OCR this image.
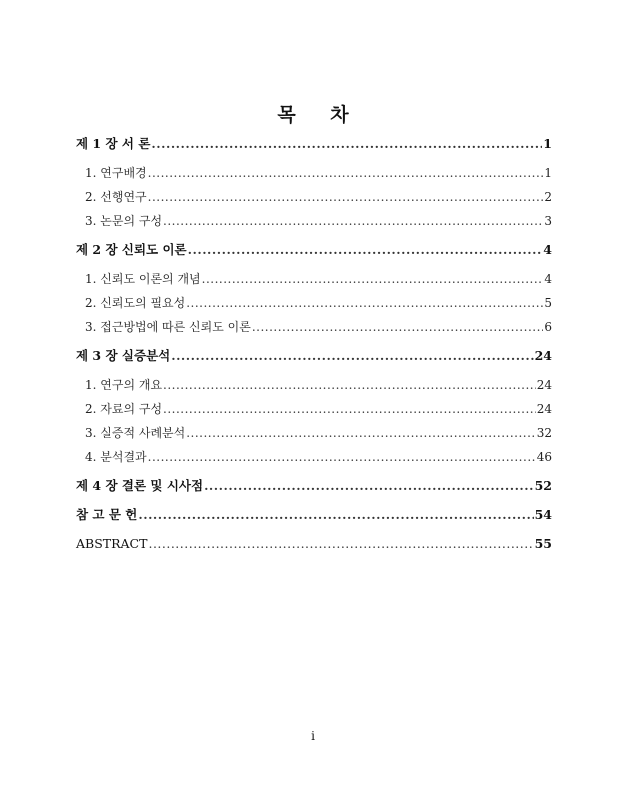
목 차
제 1 장 서 론 .....	1
1. 연구배경 .....	1
2. 선행연구 .....	2
3. 논문의 구성 .....	3
제 2 장 신뢰도 이론 .....	4
1. 신뢰도 이론의 개념 .....	4
2. 신뢰도의 필요성 .....	5
3. 접근방법에 따른 신뢰도 이론 .....	6
제 3 장 실증분석 .....	24
1. 연구의 개요 .....	24
2. 자료의 구성 .....	24
3. 실증적 사례분석 .....	32
4. 분석결과 .....	46
제 4 장 결론 및 시사점 .....	52
참 고 문 헌 .....	54
ABSTRACT .....	55
i
